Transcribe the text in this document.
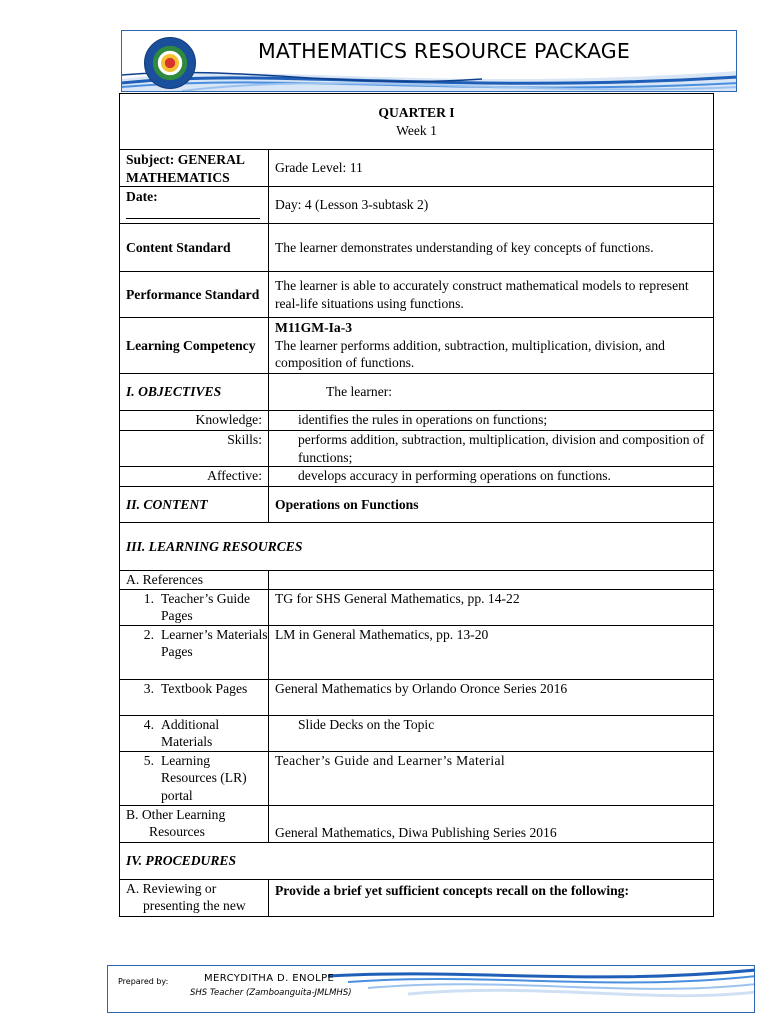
MATHEMATICS RESOURCE PACKAGE
QUARTER I
Week 1	

Subject: GENERAL MATHEMATICS	Grade Level: 11

Date:	Day: 4 (Lesson 3-subtask 2)
Content Standard	The learner demonstrates understanding of key concepts of functions.
Performance Standard	The learner is able to accurately construct mathematical models to represent real-life situations using functions.
Learning Competency	M11GM-Ia-3
The learner performs addition, subtraction, multiplication, division, and composition of functions.

I. OBJECTIVES	The learner:
Knowledge:	identifies the rules in operations on functions;
Skills:	performs addition, subtraction, multiplication, division and composition of functions;
Affective:	develops accuracy in performing operations on functions.
II. CONTENT	Operations on Functions
III. LEARNING RESOURCES	
A. References	

1. Teacher’s Guide Pages	TG for SHS General Mathematics, pp. 14-22

2. Learner’s Materials Pages	LM in General Mathematics, pp. 13-20

3. Textbook Pages	General Mathematics by Orlando Oronce Series 2016

4. Additional Materials	Slide Decks on the Topic

5. Learning Resources (LR) portal	Teacher’s Guide and Learner’s Material

B. Other Learning
Resources	General Mathematics, Diwa Publishing Series 2016
IV. PROCEDURES	

A. Reviewing or
presenting the new	Provide a brief yet sufficient concepts recall on the following:
Prepared by:	MERCYDITHA D. ENOLPE
SHS Teacher (Zamboanguita-JMLMHS)
